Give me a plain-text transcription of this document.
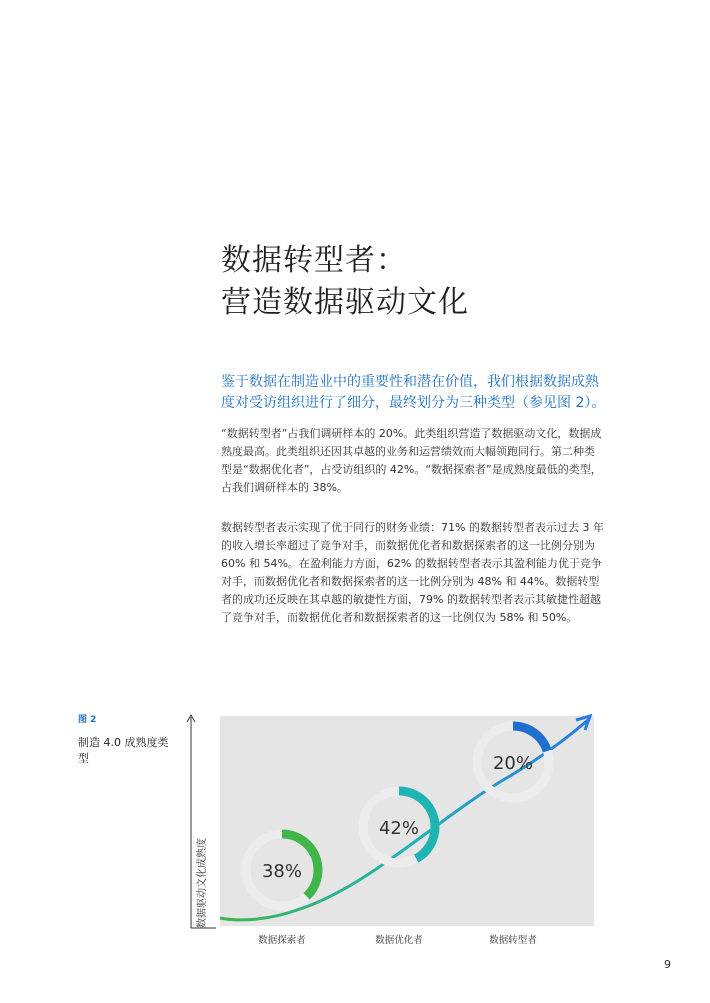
数据转型者：
营造数据驱动文化

鉴于数据在制造业中的重要性和潜在价值，我们根据数据成熟度对受访组织进行了细分，最终划分为三种类型（参见图 2）。

“数据转型者”占我们调研样本的 20%。此类组织营造了数据驱动文化，数据成熟度最高。此类组织还因其卓越的业务和运营绩效而大幅领跑同行。第二种类型是“数据优化者”，占受访组织的 42%。“数据探索者”是成熟度最低的类型，占我们调研样本的 38%。

数据转型者表示实现了优于同行的财务业绩：71% 的数据转型者表示过去 3 年的收入增长率超过了竞争对手，而数据优化者和数据探索者的这一比例分别为 60% 和 54%。在盈利能力方面，62% 的数据转型者表示其盈利能力优于竞争对手，而数据优化者和数据探索者的这一比例分别为 48% 和 44%。数据转型者的成功还反映在其卓越的敏捷性方面，79% 的数据转型者表示其敏捷性超越了竞争对手，而数据优化者和数据探索者的这一比例仅为 58% 和 50%。

图 2
制造 4.0 成熟度类型
数据驱动文化成熟度	38%
42%
20%
数据探索者	数据优化者	数据转型者
9
